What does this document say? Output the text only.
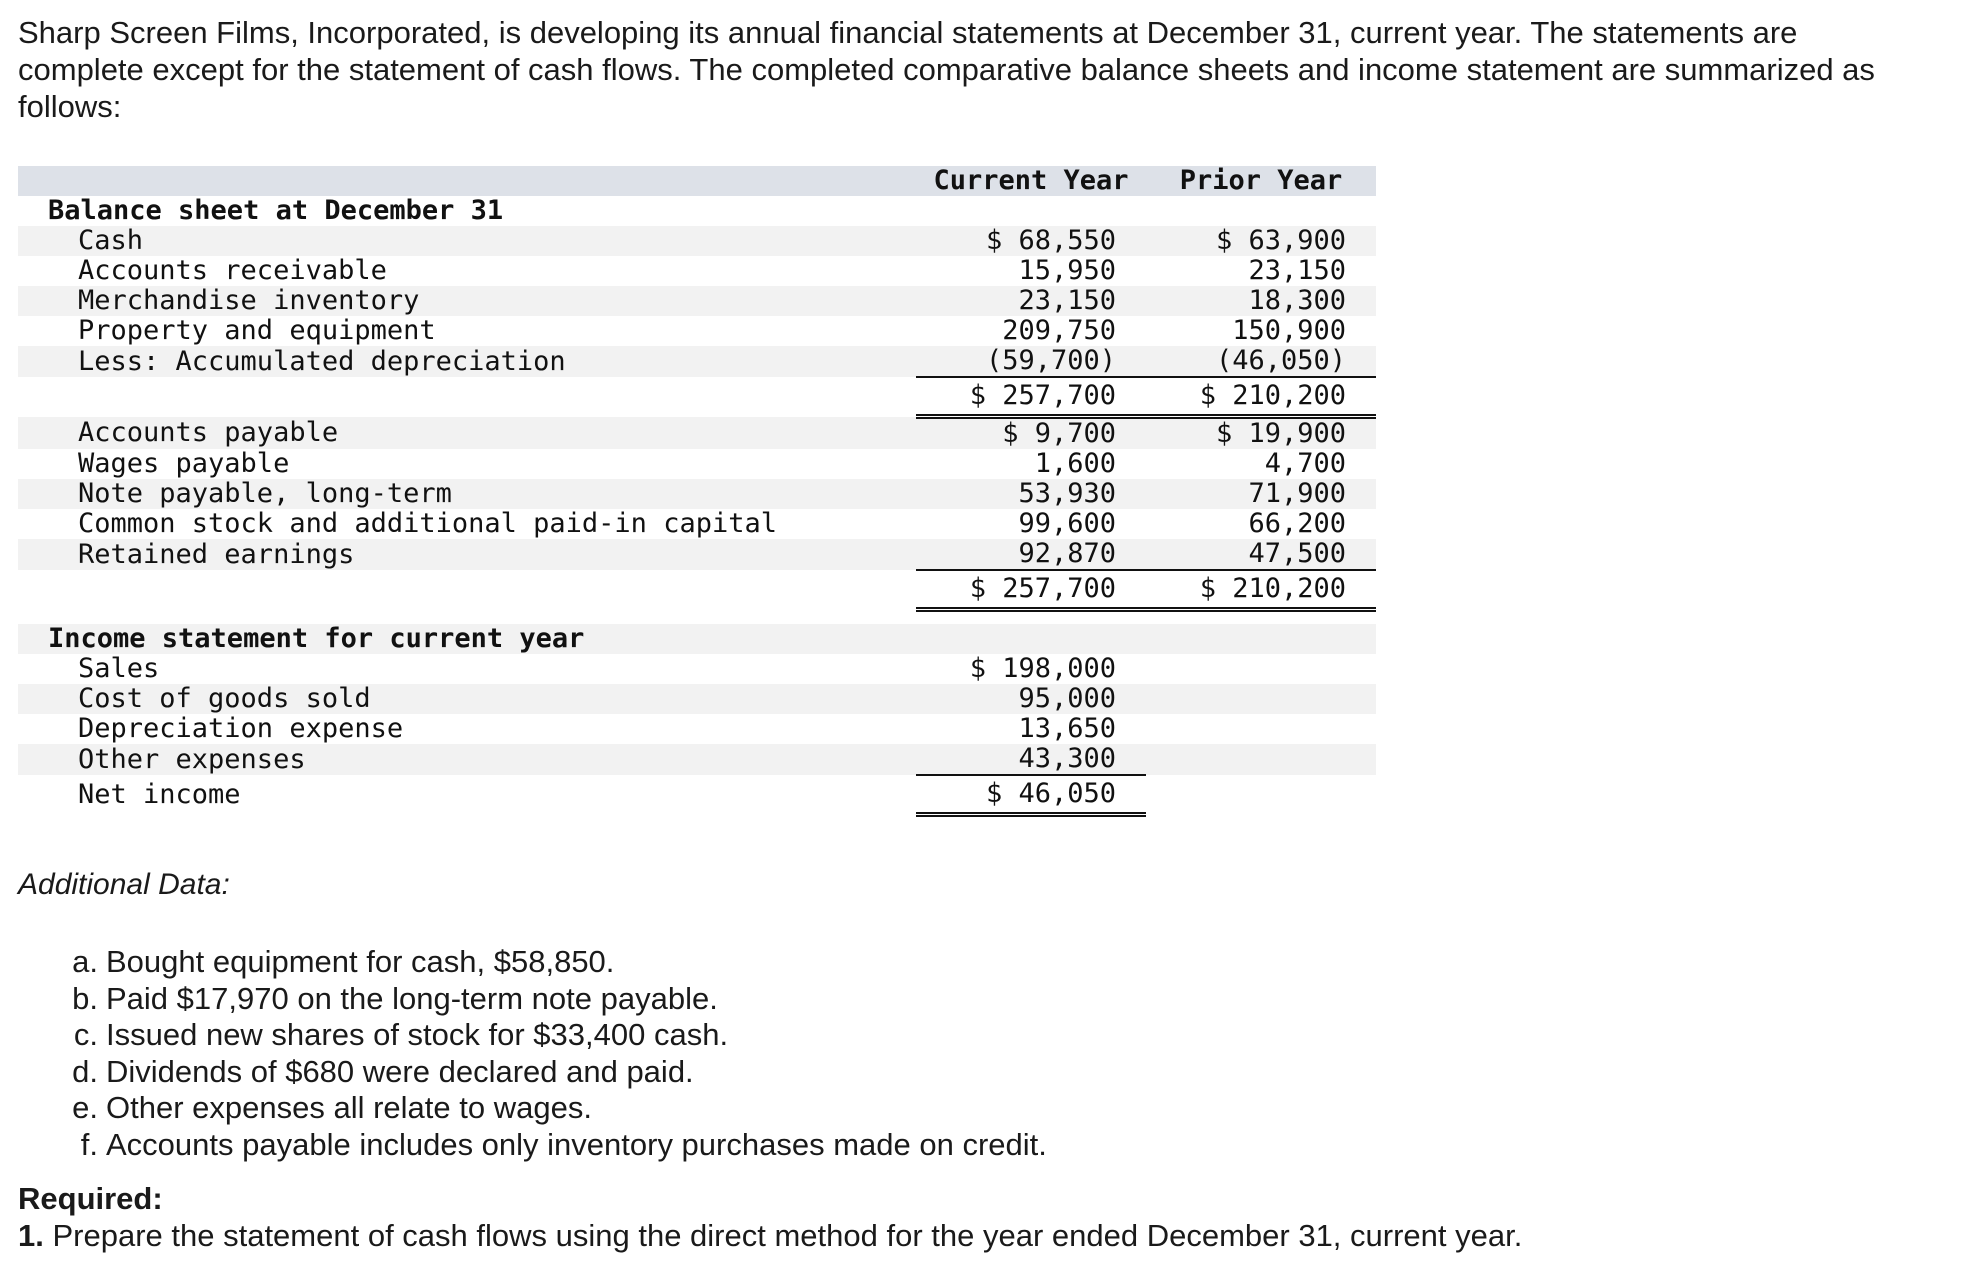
Sharp Screen Films, Incorporated, is developing its annual financial statements at December 31, current year. The statements are complete except for the statement of cash flows. The completed comparative balance sheets and income statement are summarized as follows:

	Current Year	Prior Year
Balance sheet at December 31		
Cash	$ 68,550	$ 63,900
Accounts receivable	15,950	23,150
Merchandise inventory	23,150	18,300
Property and equipment	209,750	150,900
Less: Accumulated depreciation	(59,700)	(46,050)
	$ 257,700	$ 210,200
Accounts payable	$ 9,700	$ 19,900
Wages payable	1,600	4,700
Note payable, long-term	53,930	71,900
Common stock and additional paid-in capital	99,600	66,200
Retained earnings	92,870	47,500
	$ 257,700	$ 210,200

Income statement for current year		
Sales	$ 198,000	
Cost of goods sold	95,000	
Depreciation expense	13,650	
Other expenses	43,300	
Net income	$ 46,050	
Additional Data:
a. Bought equipment for cash, $58,850.
b. Paid $17,970 on the long-term note payable.
c. Issued new shares of stock for $33,400 cash.
d. Dividends of $680 were declared and paid.
e. Other expenses all relate to wages.
f. Accounts payable includes only inventory purchases made on credit.
Required:
1. Prepare the statement of cash flows using the direct method for the year ended December 31, current year.
